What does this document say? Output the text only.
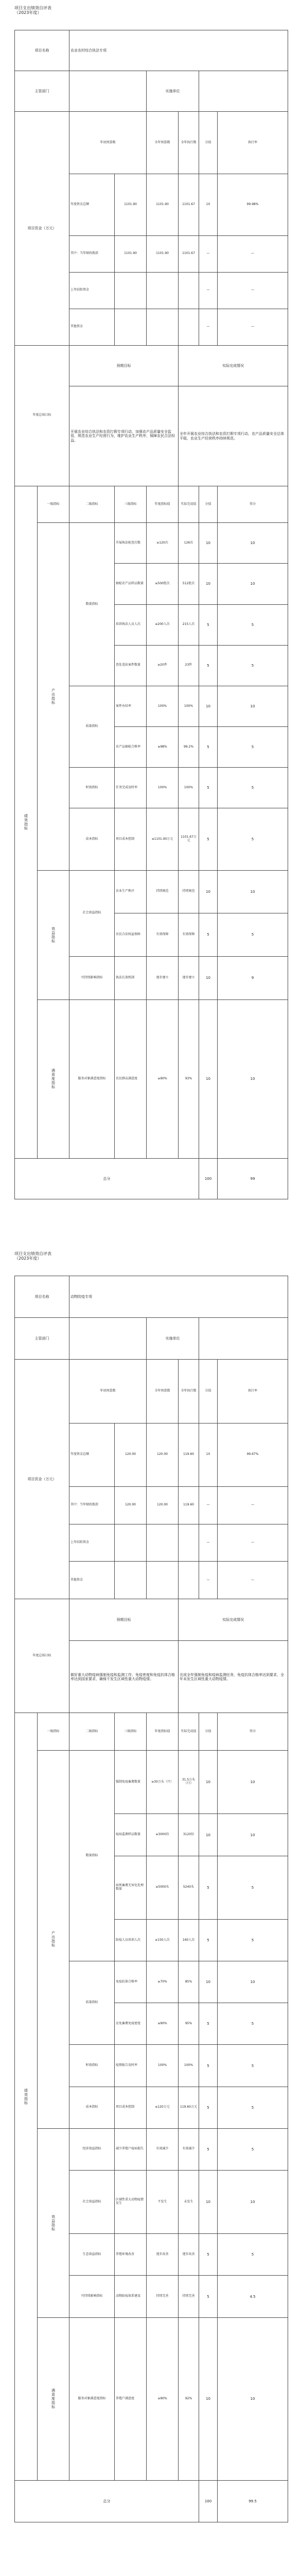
项目支出绩效自评表
（2023年度）
项目名称		农业农村综合执法专项						
主管部门				实施单位				
项目资金（万元）		年初预算数		全年预算数	全年执行数	分值	执行率	
		年度资金总额	1101.90	1101.90	1101.67	10	99.98%	
		其中：当年财政拨款	1101.90	1101.90	1101.67	—	—	
		上年结转资金				—	—	
		其他资金				—	—	
年度总体目标		预期目标			实际完成情况			
		开展农业综合执法和农资打假专项行动，加强农产品质量安全监管，规范农业生产经营行为，维护农业生产秩序，保障农民合法权益。			全年开展农业综合执法和农资打假专项行动，农产品质量安全总体平稳，农业生产经营秩序持续规范。			
绩效指标	一级指标	二级指标	三级指标	年度指标值	实际完成值	分值	得分	
	产出指标	数量指标	开展执法检查次数	≥120次	126次	10	10	
			抽检农产品样品数量	≥500批次	512批次	10	10	
			培训执法人员人次	≥200人次	215人次	5	5	
			查处违法案件数量	≥20件	23件	5	5	
		质量指标	案件办结率	100%	100%	10	10	
			农产品抽检合格率	≥98%	99.2%	5	5	
		时效指标	任务完成及时率	100%	100%	5	5	
		成本指标	项目成本控制	≤1101.90万元	1101.67万元	5	5	
	效益指标	社会效益指标	农业生产秩序	持续规范	持续规范	10	10	
			农民合法权益保障	有效保障	有效保障	5	5	
		可持续影响指标	执法长效机制	逐步建立	逐步建立	10	9	
	满意度指标	服务对象满意度指标	农民群众满意度	≥90%	93%	10	10	
总分						100	99	
项目支出绩效自评表
（2023年度）
项目名称		动物防疫专项						
主管部门				实施单位				
项目资金（万元）		年初预算数		全年预算数	全年执行数	分值	执行率	
		年度资金总额	120.00	120.00	119.60	10	99.67%	
		其中：当年财政拨款	120.00	120.00	119.60	—	—	
		上年结转资金				—	—	
		其他资金				—	—	
年度总体目标		预期目标			实际完成情况			
		做好重大动物疫病强制免疫和监测工作，免疫密度和免疫抗体合格率达到国家要求，确保不发生区域性重大动物疫情。			完成全年强制免疫和疫病监测任务，免疫抗体合格率达到要求，全年未发生区域性重大动物疫情。			
绩效指标	一级指标	二级指标	三级指标	年度指标值	实际完成值	分值	得分	
	产出指标	数量指标	强制免疫畜禽数量	≥30万头（只）	31.5万头（只）	10	10	
			疫病监测样品数量	≥3000份	3120份	10	10	
			病死畜禽无害化处理数量	≥5000头	5240头	5	5	
			防疫人员培训人次	≥150人次	160人次	5	5	
		质量指标	免疫抗体合格率	≥70%	85%	10	10	
			应免畜禽免疫密度	≥90%	95%	5	5	
		时效指标	疫情报告及时率	100%	100%	5	5	
		成本指标	项目成本控制	≤120万元	119.60万元	5	5	
	效益指标	经济效益指标	减少养殖户疫病损失	有效减少	有效减少	5	5	
		社会效益指标	区域性重大动物疫情发生	不发生	未发生	10	10	
		生态效益指标	养殖环境改善	逐步改善	逐步改善	5	5	
		可持续影响指标	动物防疫体系建设	持续完善	持续完善	5	4.5	
	满意度指标	服务对象满意度指标	养殖户满意度	≥90%	92%	10	10	
总分						100	99.5	
